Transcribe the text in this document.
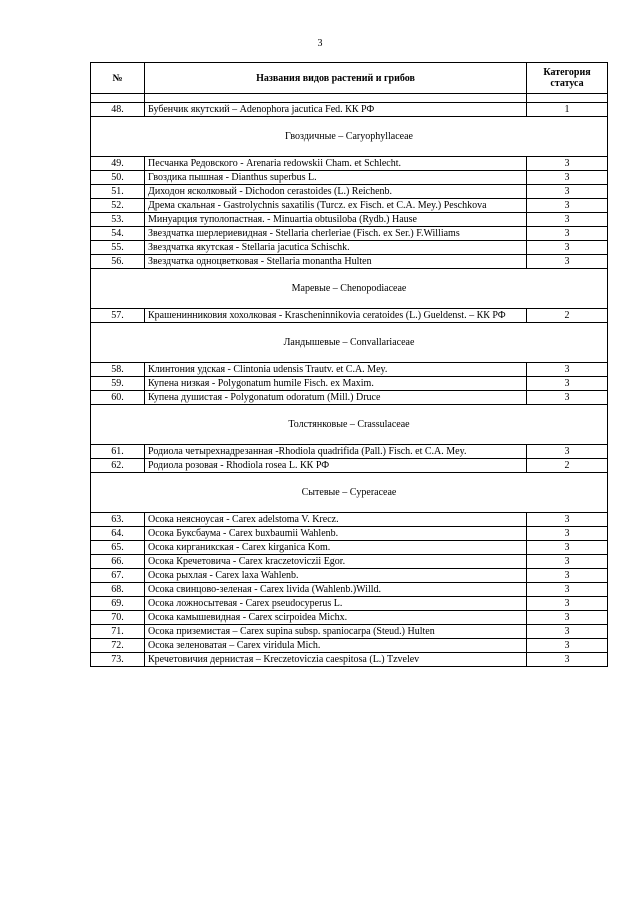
3
№	Названия видов растений и грибов	Категория статуса

48.	Бубенчик якутский – Adenophora jacutica Fed. КК РФ	1
Гвоздичные – Caryophyllaceae		
49.	Песчанка Редовского - Arenaria redowskii Cham. et Schlecht.	3
50.	Гвоздика пышная - Dianthus superbus L.	3
51.	Диходон ясколковый - Dichodon cerastoides (L.) Reichenb.	3
52.	Дрема скальная - Gastrolychnis saxatilis (Turcz. ex Fisch. et C.A. Mey.) Peschkova	3
53.	Минуарция туполопастная. - Minuartia obtusiloba (Rydb.) Hause	3
54.	Звездчатка шерлериевидная - Stellaria cherleriae (Fisch. ex Ser.) F.Williams	3
55.	Звездчатка якутская - Stellaria jacutica Schischk.	3
56.	Звездчатка одноцветковая - Stellaria monantha Hulten	3
Маревые – Chenopodiaceae		
57.	Крашенинниковия хохолковая - Krascheninnikovia ceratoides (L.) Gueldenst. – КК РФ	2
Ландышевые – Convallariaceae		
58.	Клинтония удская - Clintonia udensis Trautv. et C.A. Mey.	3
59.	Купена низкая - Polygonatum humile Fisch. ex Maxim.	3
60.	Купена душистая - Polygonatum odoratum (Mill.) Druce	3
Толстянковые – Crassulaceae		
61.	Родиола четырехнадрезанная -Rhodiola quadrifida (Pall.) Fisch. et C.A. Mey.	3
62.	Родиола розовая - Rhodiola rosea L. КК РФ	2
Сытевые – Cyperaceae		
63.	Осока неясноусая - Carex adelstoma V. Krecz.	3
64.	Осока Буксбаума - Carex buxbaumii Wahlenb.	3
65.	Осока кирганикская - Carex kirganica Kom.	3
66.	Осока Кречетовича - Carex kraczetoviczii Egor.	3
67.	Осока рыхлая - Carex laxa Wahlenb.	3
68.	Осока свинцово-зеленая - Carex livida (Wahlenb.)Willd.	3
69.	Осока ложносытевая - Carex pseudocyperus L.	3
70.	Осока камышевидная - Carex scirpoidea Michx.	3
71.	Осока приземистая – Carex supina subsp. spaniocarpa (Steud.) Hulten	3
72.	Осока зеленоватая – Carex viridula Mich.	3
73.	Кречетовичия дернистая – Kreczetoviczia caespitosa (L.) Tzvelev	3
